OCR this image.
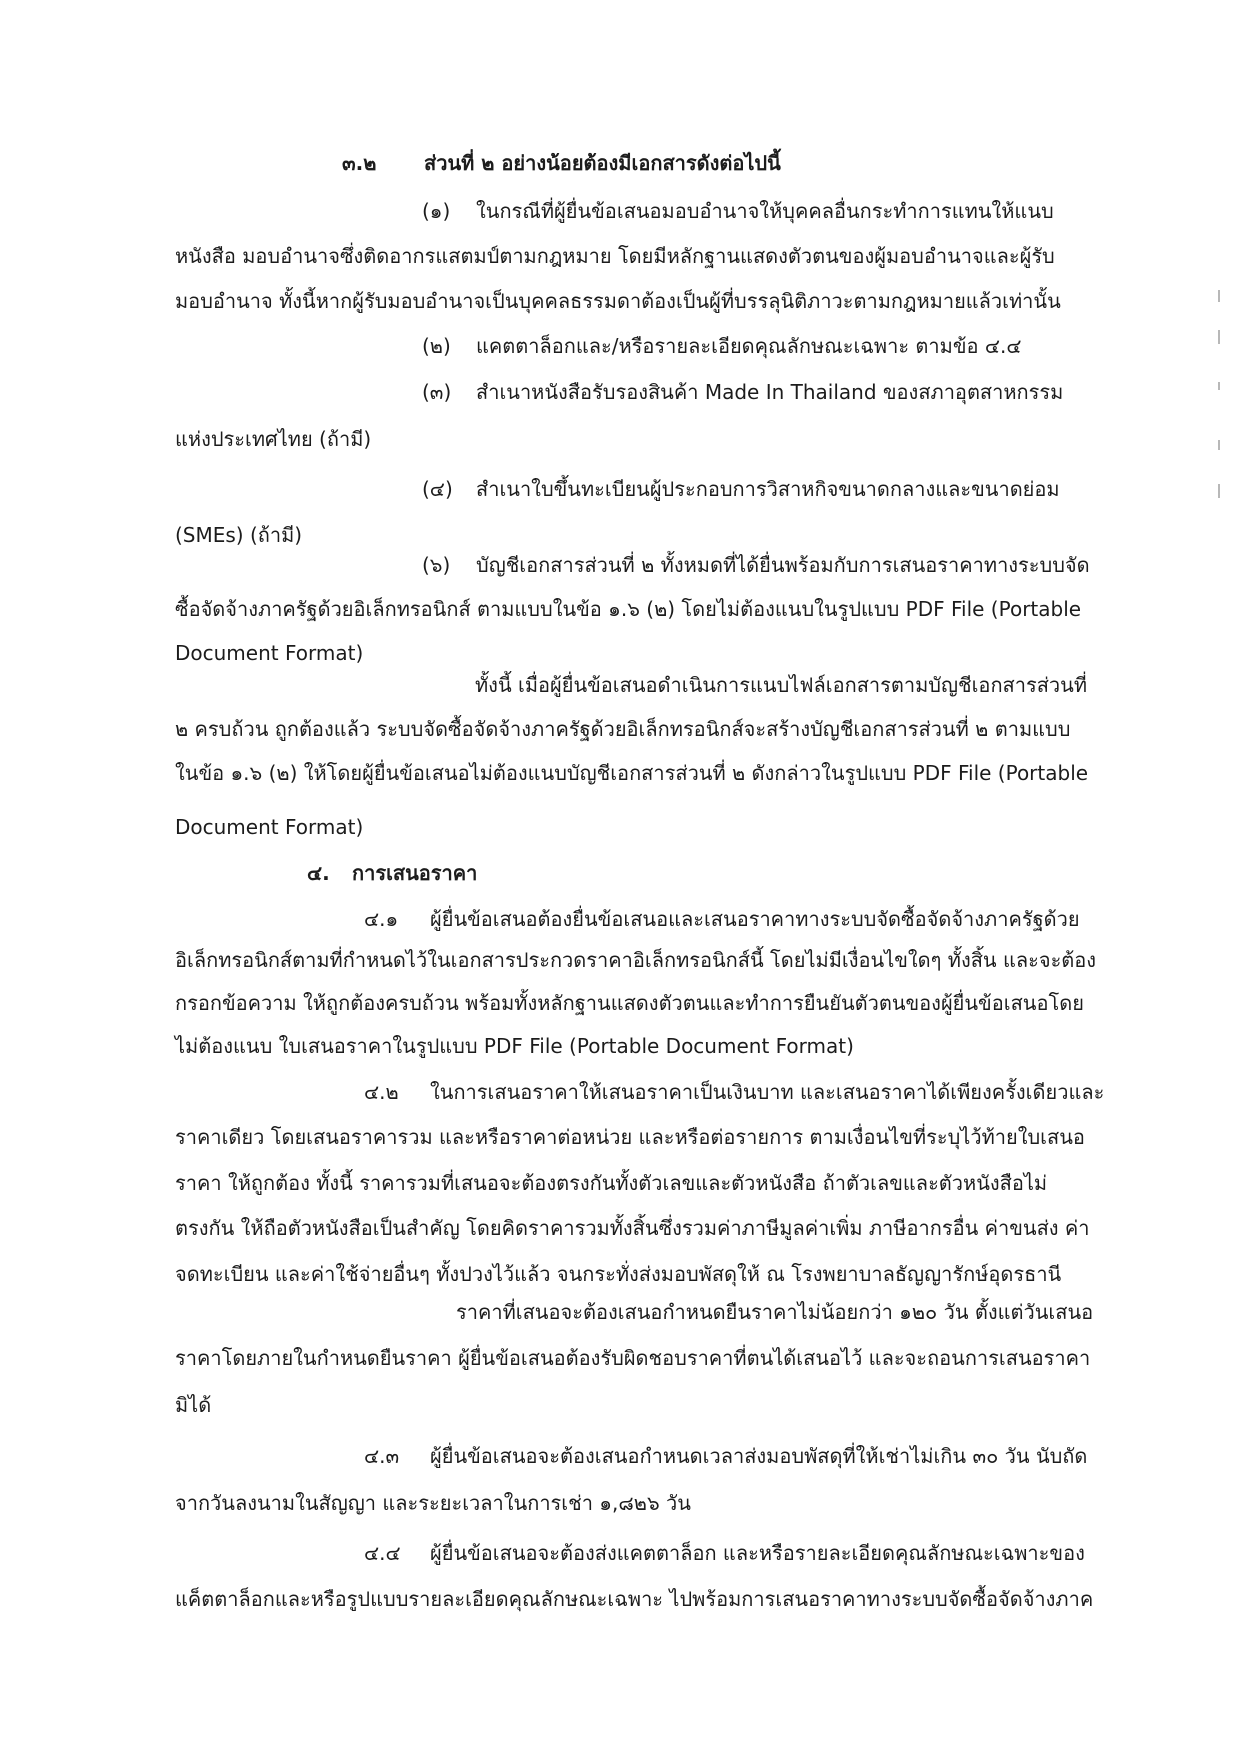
๓.๒ ส่วนที่ ๒ อย่างน้อยต้องมีเอกสารดังต่อไปนี้
(๑) ในกรณีที่ผู้ยื่นข้อเสนอมอบอำนาจให้บุคคลอื่นกระทำการแทนให้แนบ
หนังสือ มอบอำนาจซึ่งติดอากรแสตมป์ตามกฎหมาย โดยมีหลักฐานแสดงตัวตนของผู้มอบอำนาจและผู้รับ
มอบอำนาจ ทั้งนี้หากผู้รับมอบอำนาจเป็นบุคคลธรรมดาต้องเป็นผู้ที่บรรลุนิติภาวะตามกฎหมายแล้วเท่านั้น
(๒) แคตตาล็อกและ/หรือรายละเอียดคุณลักษณะเฉพาะ ตามข้อ ๔.๔
(๓) สำเนาหนังสือรับรองสินค้า Made In Thailand ของสภาอุตสาหกรรม
แห่งประเทศไทย (ถ้ามี)
(๔) สำเนาใบขึ้นทะเบียนผู้ประกอบการวิสาหกิจขนาดกลางและขนาดย่อม
(SMEs) (ถ้ามี)
(๖) บัญชีเอกสารส่วนที่ ๒ ทั้งหมดที่ได้ยื่นพร้อมกับการเสนอราคาทางระบบจัด
ซื้อจัดจ้างภาครัฐด้วยอิเล็กทรอนิกส์ ตามแบบในข้อ ๑.๖ (๒) โดยไม่ต้องแนบในรูปแบบ PDF File (Portable
Document Format)
ทั้งนี้ เมื่อผู้ยื่นข้อเสนอดำเนินการแนบไฟล์เอกสารตามบัญชีเอกสารส่วนที่
๒ ครบถ้วน ถูกต้องแล้ว ระบบจัดซื้อจัดจ้างภาครัฐด้วยอิเล็กทรอนิกส์จะสร้างบัญชีเอกสารส่วนที่ ๒ ตามแบบ
ในข้อ ๑.๖ (๒) ให้โดยผู้ยื่นข้อเสนอไม่ต้องแนบบัญชีเอกสารส่วนที่ ๒ ดังกล่าวในรูปแบบ PDF File (Portable
Document Format)
๔. การเสนอราคา
๔.๑ ผู้ยื่นข้อเสนอต้องยื่นข้อเสนอและเสนอราคาทางระบบจัดซื้อจัดจ้างภาครัฐด้วย
อิเล็กทรอนิกส์ตามที่กำหนดไว้ในเอกสารประกวดราคาอิเล็กทรอนิกส์นี้ โดยไม่มีเงื่อนไขใดๆ ทั้งสิ้น และจะต้อง
กรอกข้อความ ให้ถูกต้องครบถ้วน พร้อมทั้งหลักฐานแสดงตัวตนและทำการยืนยันตัวตนของผู้ยื่นข้อเสนอโดย
ไม่ต้องแนบ ใบเสนอราคาในรูปแบบ PDF File (Portable Document Format)
๔.๒ ในการเสนอราคาให้เสนอราคาเป็นเงินบาท และเสนอราคาได้เพียงครั้งเดียวและ
ราคาเดียว โดยเสนอราคารวม และหรือราคาต่อหน่วย และหรือต่อรายการ ตามเงื่อนไขที่ระบุไว้ท้ายใบเสนอ
ราคา ให้ถูกต้อง ทั้งนี้ ราคารวมที่เสนอจะต้องตรงกันทั้งตัวเลขและตัวหนังสือ ถ้าตัวเลขและตัวหนังสือไม่
ตรงกัน ให้ถือตัวหนังสือเป็นสำคัญ โดยคิดราคารวมทั้งสิ้นซึ่งรวมค่าภาษีมูลค่าเพิ่ม ภาษีอากรอื่น ค่าขนส่ง ค่า
จดทะเบียน และค่าใช้จ่ายอื่นๆ ทั้งปวงไว้แล้ว จนกระทั่งส่งมอบพัสดุให้ ณ โรงพยาบาลธัญญารักษ์อุดรธานี
ราคาที่เสนอจะต้องเสนอกำหนดยืนราคาไม่น้อยกว่า ๑๒๐ วัน ตั้งแต่วันเสนอ
ราคาโดยภายในกำหนดยืนราคา ผู้ยื่นข้อเสนอต้องรับผิดชอบราคาที่ตนได้เสนอไว้ และจะถอนการเสนอราคา
มิได้
๔.๓ ผู้ยื่นข้อเสนอจะต้องเสนอกำหนดเวลาส่งมอบพัสดุที่ให้เช่าไม่เกิน ๓๐ วัน นับถัด
จากวันลงนามในสัญญา และระยะเวลาในการเช่า ๑,๘๒๖ วัน
๔.๔ ผู้ยื่นข้อเสนอจะต้องส่งแคตตาล็อก และหรือรายละเอียดคุณลักษณะเฉพาะของ
แค็ตตาล็อกและหรือรูปแบบรายละเอียดคุณลักษณะเฉพาะ ไปพร้อมการเสนอราคาทางระบบจัดซื้อจัดจ้างภาค
